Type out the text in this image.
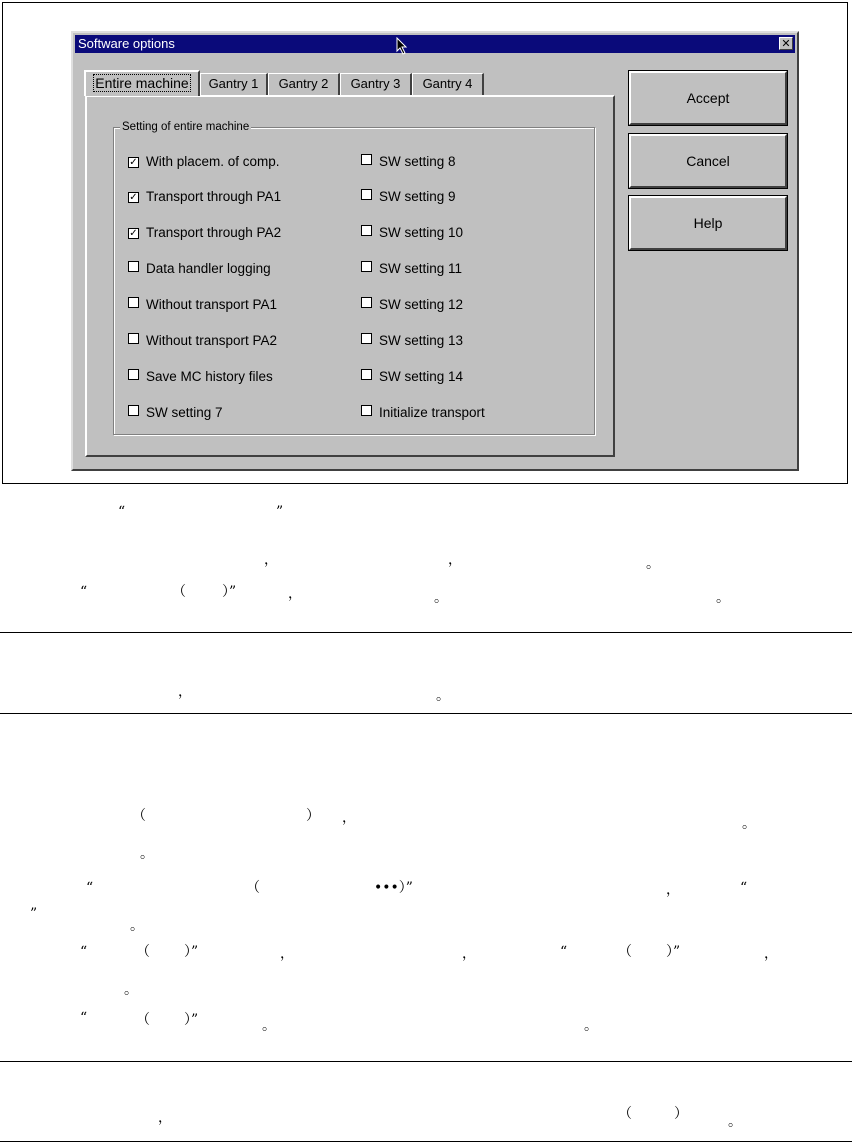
Software options	✕
Entire machine	Gantry 1	Gantry 2	Gantry 3	Gantry 4
Setting of entire machine
✓ With placem. of comp.
✓ Transport through PA1
✓ Transport through PA2
Data handler logging
Without transport PA1
Without transport PA2
Save MC history files
SW setting 7
SW setting 8
SW setting 9
SW setting 10
SW setting 11
SW setting 12
SW setting 13
SW setting 14
Initialize transport
Accept
Cancel
Help
“	”
，	，	。
“	（	）”	，	。	。
，	。
（	） ，	。
。
“	（	•••）”	，	“
”
。
“	（ ）”	，	，	“	（ ）”	，
。
“	（ ）”	。	。
，	（	）	。
